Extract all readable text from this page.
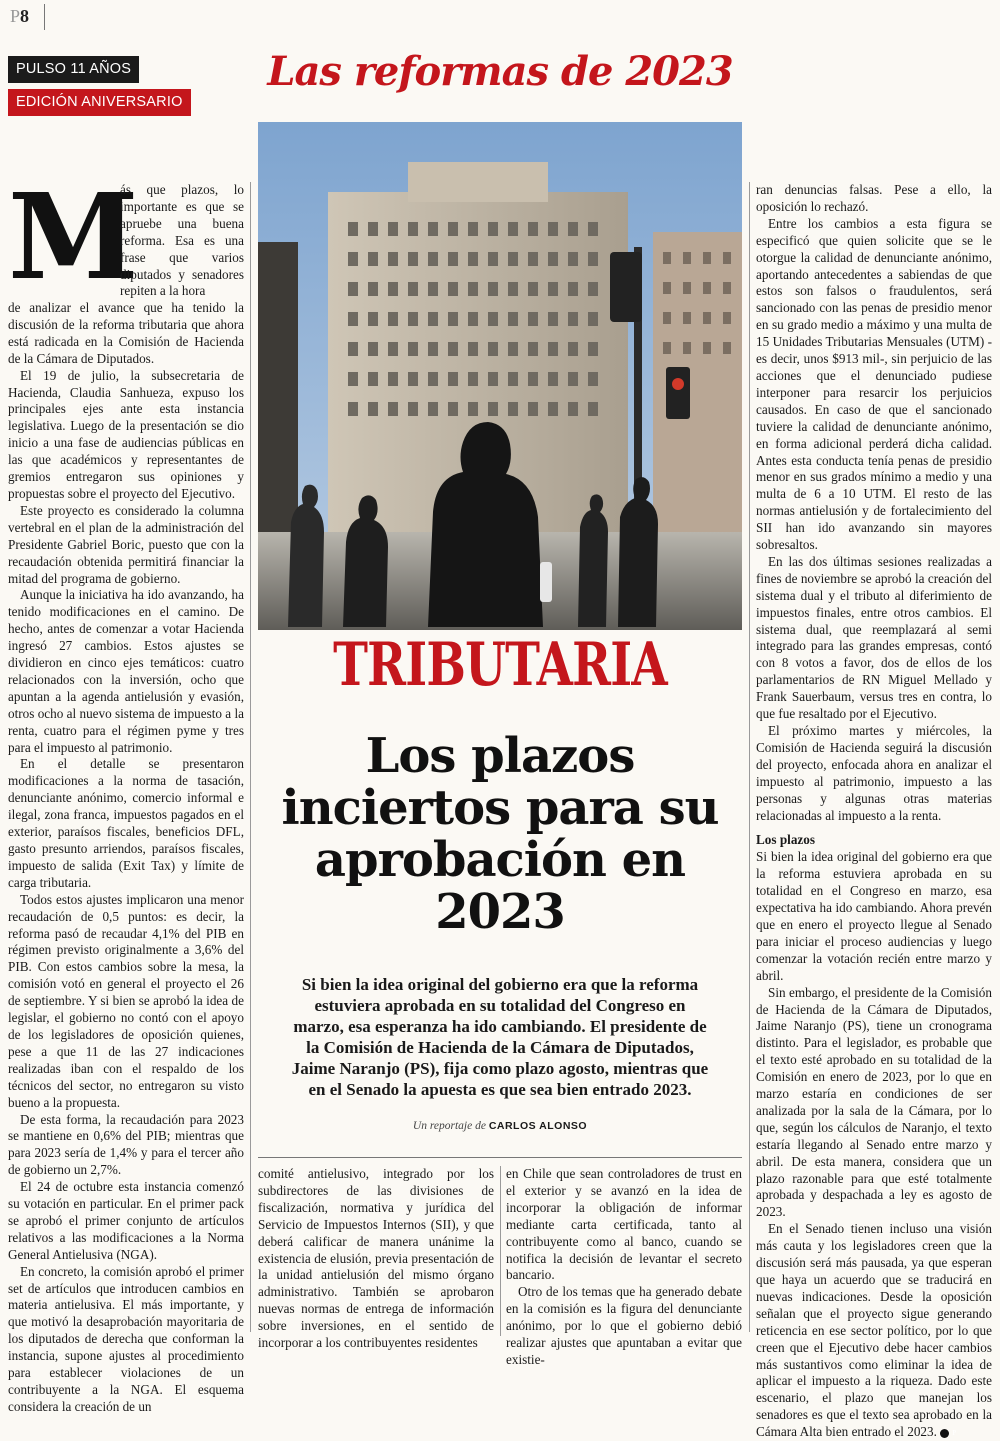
P8
PULSO 11 AÑOS
EDICIÓN ANIVERSARIO
Las reformas de 2023
M

ás que plazos, lo importante es que se apruebe una buena reforma. Esa es una frase que varios diputados y senadores repiten a la hora

de analizar el avance que ha tenido la discusión de la reforma tributaria que ahora está radicada en la Comisión de Hacienda de la Cámara de Diputados.

El 19 de julio, la subsecretaria de Hacienda, Claudia Sanhueza, expuso los principales ejes ante esta instancia legislativa. Luego de la presentación se dio inicio a una fase de audiencias públicas en las que académicos y representantes de gremios entregaron sus opiniones y propuestas sobre el proyecto del Ejecutivo.

Este proyecto es considerado la columna vertebral en el plan de la administración del Presidente Gabriel Boric, puesto que con la recaudación obtenida permitirá financiar la mitad del programa de gobierno.

Aunque la iniciativa ha ido avanzando, ha tenido modificaciones en el camino. De hecho, antes de comenzar a votar Hacienda ingresó 27 cambios. Estos ajustes se dividieron en cinco ejes temáticos: cuatro relacionados con la inversión, ocho que apuntan a la agenda antielusión y evasión, otros ocho al nuevo sistema de impuesto a la renta, cuatro para el régimen pyme y tres para el impuesto al patrimonio.

En el detalle se presentaron modificaciones a la norma de tasación, denunciante anónimo, comercio informal e ilegal, zona franca, impuestos pagados en el exterior, paraísos fiscales, beneficios DFL, gasto presunto arriendos, paraísos fiscales, impuesto de salida (Exit Tax) y límite de carga tributaria.

Todos estos ajustes implicaron una menor recaudación de 0,5 puntos: es decir, la reforma pasó de recaudar 4,1% del PIB en régimen previsto originalmente a 3,6% del PIB. Con estos cambios sobre la mesa, la comisión votó en general el proyecto el 26 de septiembre. Y si bien se aprobó la idea de legislar, el gobierno no contó con el apoyo de los legisladores de oposición quienes, pese a que 11 de las 27 indicaciones realizadas iban con el respaldo de los técnicos del sector, no entregaron su visto bueno a la propuesta.

De esta forma, la recaudación para 2023 se mantiene en 0,6% del PIB; mientras que para 2023 sería de 1,4% y para el tercer año de gobierno un 2,7%.

El 24 de octubre esta instancia comenzó su votación en particular. En el primer pack se aprobó el primer conjunto de artículos relativos a las modificaciones a la Norma General Antielusiva (NGA).

En concreto, la comisión aprobó el primer set de artículos que introducen cambios en materia antielusiva. El más importante, y que motivó la desaprobación mayoritaria de los diputados de derecha que conforman la instancia, supone ajustes al procedimiento para establecer violaciones de un contribuyente a la NGA. El esquema considera la creación de un

TRIBUTARIA
Los plazos inciertos para su aprobación en 2023
Si bien la idea original del gobierno era que la reforma estuviera aprobada en su totalidad del Congreso en marzo, esa esperanza ha ido cambiando. El presidente de la Comisión de Hacienda de la Cámara de Diputados, Jaime Naranjo (PS), fija como plazo agosto, mientras que en el Senado la apuesta es que sea bien entrado 2023.
Un reportaje de CARLOS ALONSO

comité antielusivo, integrado por los subdirectores de las divisiones de fiscalización, normativa y jurídica del Servicio de Impuestos Internos (SII), y que deberá calificar de manera unánime la existencia de elusión, previa presentación de la unidad antielusión del mismo órgano administrativo. También se aprobaron nuevas normas de entrega de información sobre inversiones, en el sentido de incorporar a los contribuyentes residentes

en Chile que sean controladores de trust en el exterior y se avanzó en la idea de incorporar la obligación de informar mediante carta certificada, tanto al contribuyente como al banco, cuando se notifica la decisión de levantar el secreto bancario.

Otro de los temas que ha generado debate en la comisión es la figura del denunciante anónimo, por lo que el gobierno debió realizar ajustes que apuntaban a evitar que existie-

ran denuncias falsas. Pese a ello, la oposición lo rechazó.

Entre los cambios a esta figura se especificó que quien solicite que se le otorgue la calidad de denunciante anónimo, aportando antecedentes a sabiendas de que estos son falsos o fraudulentos, será sancionado con las penas de presidio menor en su grado medio a máximo y una multa de 15 Unidades Tributarias Mensuales (UTM) -es decir, unos $913 mil-, sin perjuicio de las acciones que el denunciado pudiese interponer para resarcir los perjuicios causados. En caso de que el sancionado tuviere la calidad de denunciante anónimo, en forma adicional perderá dicha calidad. Antes esta conducta tenía penas de presidio menor en sus grados mínimo a medio y una multa de 6 a 10 UTM. El resto de las normas antielusión y de fortalecimiento del SII han ido avanzando sin mayores sobresaltos.

En las dos últimas sesiones realizadas a fines de noviembre se aprobó la creación del sistema dual y el tributo al diferimiento de impuestos finales, entre otros cambios. El sistema dual, que reemplazará al semi integrado para las grandes empresas, contó con 8 votos a favor, dos de ellos de los parlamentarios de RN Miguel Mellado y Frank Sauerbaum, versus tres en contra, lo que fue resaltado por el Ejecutivo.

El próximo martes y miércoles, la Comisión de Hacienda seguirá la discusión del proyecto, enfocada ahora en analizar el impuesto al patrimonio, impuesto a las personas y algunas otras materias relacionadas al impuesto a la renta.

Los plazos

Si bien la idea original del gobierno era que la reforma estuviera aprobada en su totalidad en el Congreso en marzo, esa expectativa ha ido cambiando. Ahora prevén que en enero el proyecto llegue al Senado para iniciar el proceso audiencias y luego comenzar la votación recién entre marzo y abril.

Sin embargo, el presidente de la Comisión de Hacienda de la Cámara de Diputados, Jaime Naranjo (PS), tiene un cronograma distinto. Para el legislador, es probable que el texto esté aprobado en su totalidad de la Comisión en enero de 2023, por lo que en marzo estaría en condiciones de ser analizada por la sala de la Cámara, por lo que, según los cálculos de Naranjo, el texto estaría llegando al Senado entre marzo y abril. De esta manera, considera que un plazo razonable para que esté totalmente aprobada y despachada a ley es agosto de 2023.

En el Senado tienen incluso una visión más cauta y los legisladores creen que la discusión será más pausada, ya que esperan que haya un acuerdo que se traducirá en nuevas indicaciones. Desde la oposición señalan que el proyecto sigue generando reticencia en ese sector político, por lo que creen que el Ejecutivo debe hacer cambios más sustantivos como eliminar la idea de aplicar el impuesto a la riqueza. Dado este escenario, el plazo que manejan los senadores es que el texto sea aprobado en la Cámara Alta bien entrado el 2023. P
